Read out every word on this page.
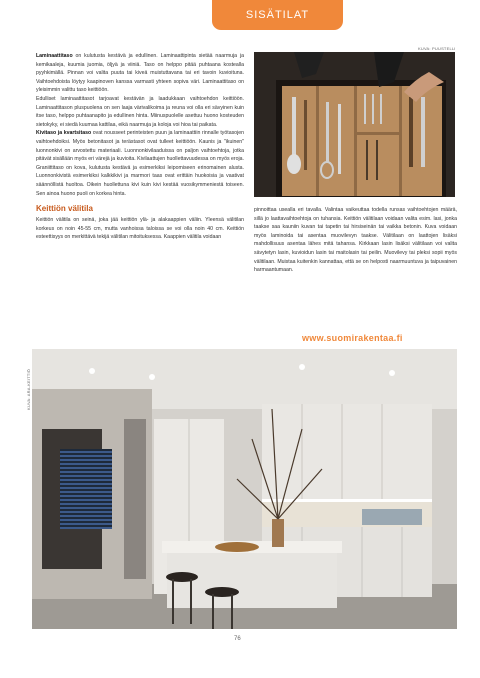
SISÄTILAT

Laminaattitaso on kulutusta kestävä ja edullinen. Laminaattipinta sietää naarmuja ja kemikaaleja, kuumia juomia, öljyä ja viiniä. Taso on helppo pitää puhtaana kostealla pyyhkimällä. Pinnan voi valita puuta tai kiveä muistuttavana tai eri tavoin kuvioituna. Vaihtoehdoista löytyy kaapinoven kanssa varmasti yhteen sopiva väri. Laminaattitaso on yleisimmin valittu taso keittiöön.

Edulliset laminaattitasot tarjoavat kestävän ja laadukkaan vaihtoehdon keittiöön. Laminaattitason pluspuolena on sen laaja värivalikoima ja reuna voi olla eri sävyinen kuin itse taso, helppo puhtaanapito ja edullinen hinta. Miinuspuolelle asettuu huono kosteuden sietokyky, ei siedä kuumaa kattilaa, eikä naarmuja ja koloja voi hioa tai paikata.

Kivitaso ja kvartsitaso ovat nousseet perinteisten puun ja laminaattiin rinnalle työtasojen vaihtoehdoiksi. Myös betonitasot ja terästasot ovat tulleet keittiöön. Kaunis ja "ikuinen" luonnonkivi on arvostettu materiaali. Luonnonkivilaaduissa on paljon vaihtoehtoja, jotka pitävät sisällään myös eri värejä ja kuvioita. Kivilaattujen huollettavuudessa on myös eroja. Graniittitaso on kova, kulutusta kestävä ja esimerkiksi leipomiseen erinomainen alusta. Luonnonkivistä esimerkiksi kalkkikivi ja marmori taas ovat erittäin huokoisia ja vaativat säännöllistä huoltoa. Oikein huollettuna kivi kuin kivi kestää vuosikymmeniestä toiseen. Sen ainoa huono puoli on korkea hinta.

Keittiön välitila

Keittiön välitila on seinä, joka jää keittiön ylä- ja alakaappien väliin. Yleensä välitilan korkeus on noin 45-55 cm, mutta vanhoissa taloissa se voi olla noin 40 cm. Keittiön esteettisyys on merkittävä tekijä välitilan mitoituksessa. Kaappien välitila voidaan

KUVA: PUUSTELLI

pinnoittaa usealla eri tavalla. Valintaa vaikeuttaa todella runsas vaihtoehtojen määrä, sillä jo laattavaihtoehtoja on tuhansia. Keittiön välitilaan voidaan valita esim. lasi, jonka taakse saa kauniin kuvan tai tapetin tai hirsiseinän tai vaikka betonin. Kuva voidaan myös laminoida tai asentaa muovilevyn taakse. Välitilaan on laattojen lisäksi mahdollisuus asentaa lähes mitä tahansa. Kirkkaan lasin lisäksi välitilaan voi valita sävytetyn lasin, kuvioidun lasin tai maitolasin tai peilin. Muovilevy tai pleksi sopii myös välitilaan. Muistaa kuitenkin kannattaa, että se on helposti naarmuuntuva ja taipuvainen harmaantumaan.

www.suomirakentaa.fi
KUVA: ARA-KEITTIÖ
76
